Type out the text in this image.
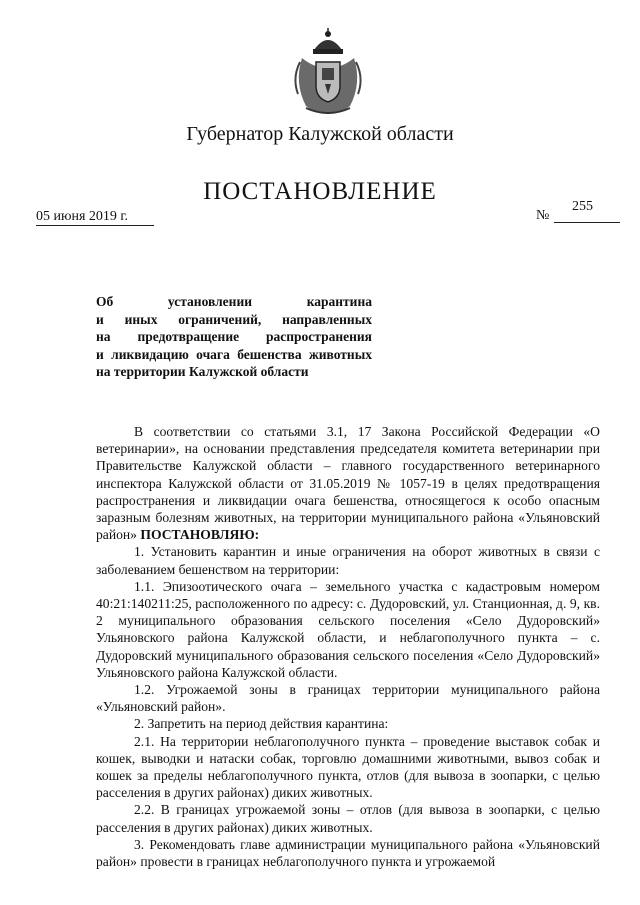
Губернатор Калужской области
ПОСТАНОВЛЕНИЕ
05 июня 2019 г.	№
255
Об установлении карантина
и иных ограничений, направленных
на предотвращение распространения
и ликвидацию очага бешенства животных
на территории Калужской области

В соответствии со статьями 3.1, 17 Закона Российской Федерации «О ветеринарии», на основании представления председателя комитета ветеринарии при Правительстве Калужской области – главного государственного ветеринарного инспектора Калужской области от 31.05.2019 № 1057-19 в целях предотвращения распространения и ликвидации очага бешенства, относящегося к особо опасным заразным болезням животных, на территории муниципального района «Ульяновский район» ПОСТАНОВЛЯЮ:

1. Установить карантин и иные ограничения на оборот животных в связи с заболеванием бешенством на территории:

1.1. Эпизоотического очага – земельного участка с кадастровым номером 40:21:140211:25, расположенного по адресу: с. Дудоровский, ул. Станционная, д. 9, кв. 2 муниципального образования сельского поселения «Село Дудоровский» Ульяновского района Калужской области, и неблагополучного пункта – с. Дудоровский муниципального образования сельского поселения «Село Дудоровский» Ульяновского района Калужской области.

1.2. Угрожаемой зоны в границах территории муниципального района «Ульяновский район».

2. Запретить на период действия карантина:

2.1. На территории неблагополучного пункта – проведение выставок собак и кошек, выводки и натаски собак, торговлю домашними животными, вывоз собак и кошек за пределы неблагополучного пункта, отлов (для вывоза в зоопарки, с целью расселения в других районах) диких животных.

2.2. В границах угрожаемой зоны – отлов (для вывоза в зоопарки, с целью расселения в других районах) диких животных.

3. Рекомендовать главе администрации муниципального района «Ульяновский район» провести в границах неблагополучного пункта и угрожаемой
